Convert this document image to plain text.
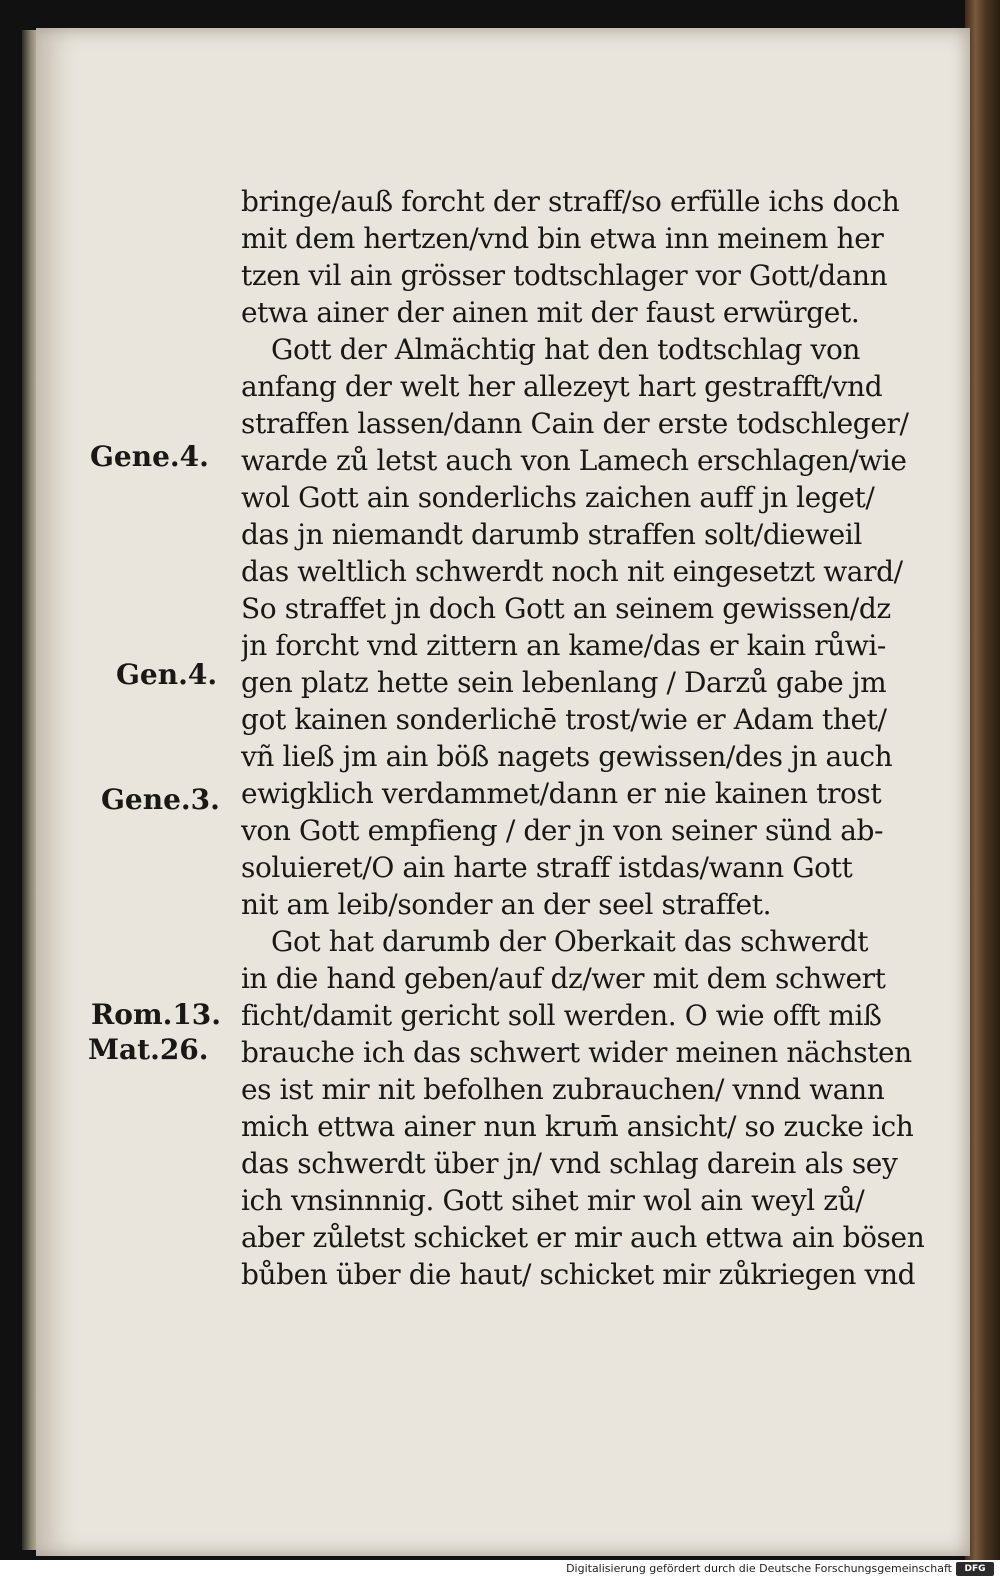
bringe/auß forcht der straff/so erfülle ichs doch
mit dem hertzen/vnd bin etwa inn meinem her
tzen vil ain grösser todtschlager vor Gott/dann
etwa ainer der ainen mit der faust erwürget.
Gott der Almächtig hat den todtschlag von
anfang der welt her allezeyt hart gestrafft/vnd
straffen lassen/dann Cain der erste todschleger/
warde zů letst auch von Lamech erschlagen/wie
wol Gott ain sonderlichs zaichen auff jn leget/
das jn niemandt darumb straffen solt/dieweil
das weltlich schwerdt noch nit eingesetzt ward/
So straffet jn doch Gott an seinem gewissen/dz
jn forcht vnd zittern an kame/das er kain růwi-
gen platz hette sein lebenlang / Darzů gabe jm
got kainen sonderlichē trost/wie er Adam thet/
vñ ließ jm ain böß nagets gewissen/des jn auch
ewigklich verdammet/dann er nie kainen trost
von Gott empfieng / der jn von seiner sünd ab-
soluieret/O ain harte straff istdas/wann Gott
nit am leib/sonder an der seel straffet.
Got hat darumb der Oberkait das schwerdt
in die hand geben/auf dz/wer mit dem schwert
ficht/damit gericht soll werden. O wie offt miß
brauche ich das schwert wider meinen nächsten
es ist mir nit befolhen zubrauchen/ vnnd wann
mich ettwa ainer nun krum̄ ansicht/ so zucke ich
das schwerdt über jn/ vnd schlag darein als sey
ich vnsinnnig. Gott sihet mir wol ain weyl zů/
aber zůletst schicket er mir auch ettwa ain bösen
bůben über die haut/ schicket mir zůkriegen vnd
Gene.4.
Gen.4.
Gene.3.
Rom.13.
Mat.26.
Digitalisierung gefördert durch die Deutsche Forschungsgemeinschaft	DFG
